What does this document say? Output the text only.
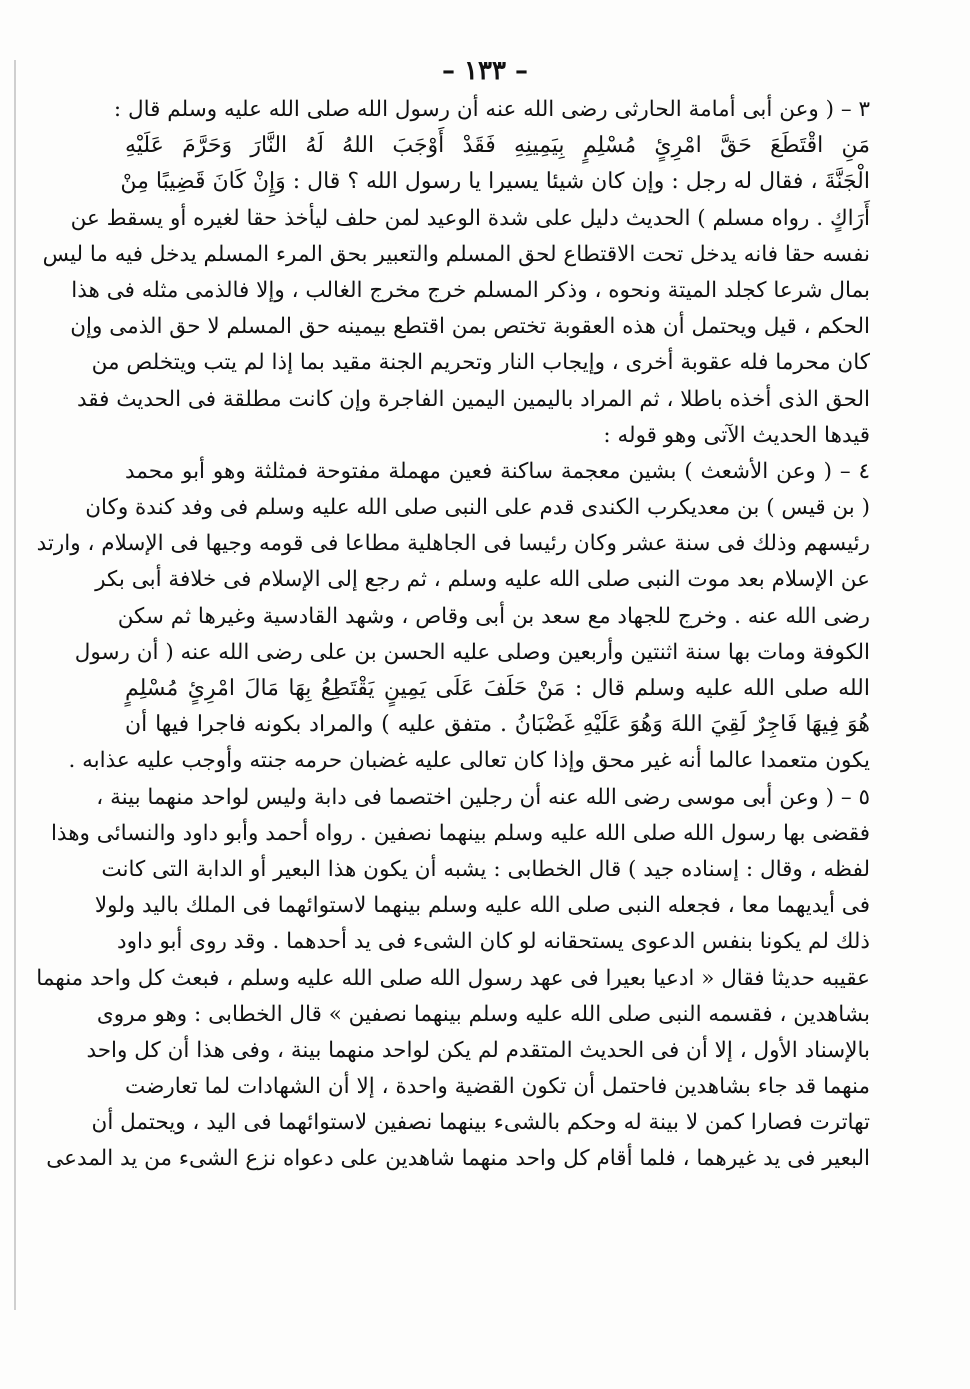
– ١٣٣ –
٣ – ( وعن أبى أمامة الحارثى رضى الله عنه أن رسول الله صلى الله عليه وسلم قال :
مَنِ اقْتَطَعَ حَقَّ امْرِئٍ مُسْلِمٍ بِيَمِينِهِ فَقَدْ أَوْجَبَ اللهُ لَهُ النَّارَ وَحَرَّمَ عَلَيْهِ
الْجَنَّةَ ، فقال له رجل : وإن كان شيئا يسيرا يا رسول الله ؟ قال : وَإِنْ كَانَ قَضِيبًا مِنْ
أَرَاكٍ . رواه مسلم ) الحديث دليل على شدة الوعيد لمن حلف ليأخذ حقا لغيره أو يسقط عن
نفسه حقا فانه يدخل تحت الاقتطاع لحق المسلم والتعبير بحق المرء المسلم يدخل فيه ما ليس
بمال شرعا كجلد الميتة ونحوه ، وذكر المسلم خرج مخرج الغالب ، وإلا فالذمى مثله فى هذا
الحكم ، قيل ويحتمل أن هذه العقوبة تختص بمن اقتطع بيمينه حق المسلم لا حق الذمى وإن
كان محرما فله عقوبة أخرى ، وإيجاب النار وتحريم الجنة مقيد بما إذا لم يتب ويتخلص من
الحق الذى أخذه باطلا ، ثم المراد باليمين اليمين الفاجرة وإن كانت مطلقة فى الحديث فقد
قيدها الحديث الآتى وهو قوله :
٤ – ( وعن الأشعث ) بشين معجمة ساكنة فعين مهملة مفتوحة فمثلثة وهو أبو محمد
( بن قيس ) بن معديكرب الكندى قدم على النبى صلى الله عليه وسلم فى وفد كندة وكان
رئيسهم وذلك فى سنة عشر وكان رئيسا فى الجاهلية مطاعا فى قومه وجيها فى الإسلام ، وارتد
عن الإسلام بعد موت النبى صلى الله عليه وسلم ، ثم رجع إلى الإسلام فى خلافة أبى بكر
رضى الله عنه . وخرج للجهاد مع سعد بن أبى وقاص ، وشهد القادسية وغيرها ثم سكن
الكوفة ومات بها سنة اثنتين وأربعين وصلى عليه الحسن بن على رضى الله عنه ( أن رسول
الله صلى الله عليه وسلم قال : مَنْ حَلَفَ عَلَى يَمِينٍ يَقْتَطِعُ بِهَا مَالَ امْرِئٍ مُسْلِمٍ
هُوَ فِيهَا فَاجِرٌ لَقِيَ اللهَ وَهُوَ عَلَيْهِ غَضْبَانُ . متفق عليه ) والمراد بكونه فاجرا فيها أن
يكون متعمدا عالما أنه غير محق وإذا كان تعالى عليه غضبان حرمه جنته وأوجب عليه عذابه .
٥ – ( وعن أبى موسى رضى الله عنه أن رجلين اختصما فى دابة وليس لواحد منهما بينة ،
فقضى بها رسول الله صلى الله عليه وسلم بينهما نصفين . رواه أحمد وأبو داود والنسائى وهذا
لفظه ، وقال : إسناده جيد ) قال الخطابى : يشبه أن يكون هذا البعير أو الدابة التى كانت
فى أيديهما معا ، فجعله النبى صلى الله عليه وسلم بينهما لاستوائهما فى الملك باليد ولولا
ذلك لم يكونا بنفس الدعوى يستحقانه لو كان الشىء فى يد أحدهما . وقد روى أبو داود
عقيبه حديثا فقال « ادعيا بعيرا فى عهد رسول الله صلى الله عليه وسلم ، فبعث كل واحد منهما
بشاهدين ، فقسمه النبى صلى الله عليه وسلم بينهما نصفين » قال الخطابى : وهو مروى
بالإسناد الأول ، إلا أن فى الحديث المتقدم لم يكن لواحد منهما بينة ، وفى هذا أن كل واحد
منهما قد جاء بشاهدين فاحتمل أن تكون القضية واحدة ، إلا أن الشهادات لما تعارضت
تهاترت فصارا كمن لا بينة له وحكم بالشىء بينهما نصفين لاستوائهما فى اليد ، ويحتمل أن
البعير فى يد غيرهما ، فلما أقام كل واحد منهما شاهدين على دعواه نزع الشىء من يد المدعى
